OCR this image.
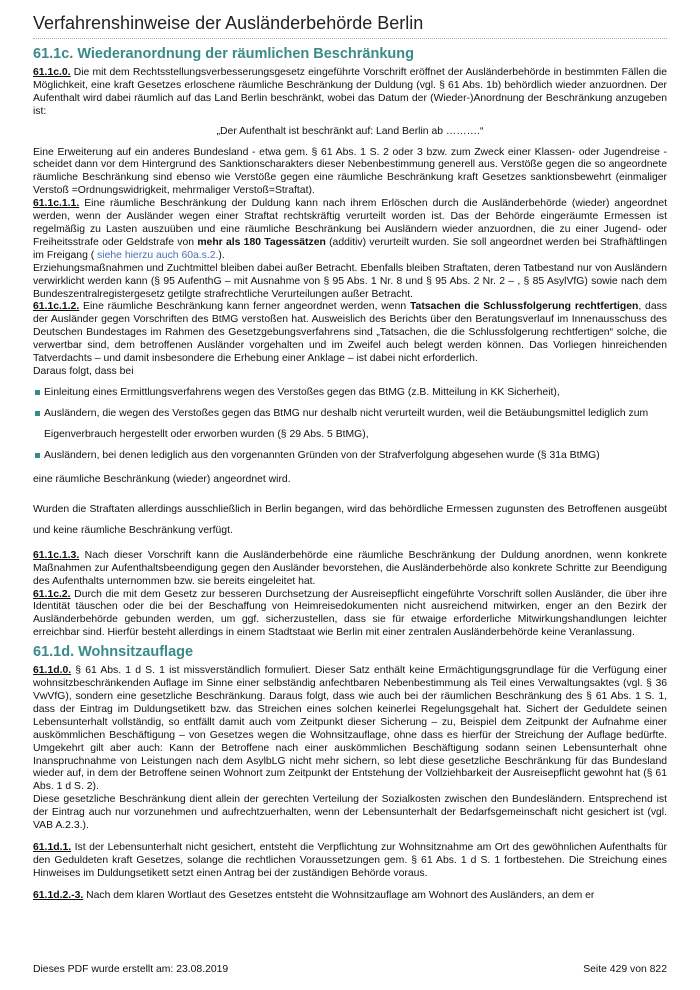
Verfahrenshinweise der Ausländerbehörde Berlin
61.1c. Wiederanordnung der räumlichen Beschränkung

61.1c.0. Die mit dem Rechtsstellungsverbesserungsgesetz eingeführte Vorschrift eröffnet der Ausländerbehörde in bestimmten Fällen die Möglichkeit, eine kraft Gesetzes erloschene räumliche Beschränkung der Duldung (vgl. § 61 Abs. 1b) behördlich wieder anzuordnen. Der Aufenthalt wird dabei räumlich auf das Land Berlin beschränkt, wobei das Datum der (Wieder-)Anordnung der Beschränkung anzugeben ist:

„Der Aufenthalt ist beschränkt auf: Land Berlin ab ……….“

Eine Erweiterung auf ein anderes Bundesland - etwa gem. § 61 Abs. 1 S. 2 oder 3 bzw. zum Zweck einer Klassen- oder Jugendreise - scheidet dann vor dem Hintergrund des Sanktionscharakters dieser Nebenbestimmung generell aus. Verstöße gegen die so angeordnete räumliche Beschränkung sind ebenso wie Verstöße gegen eine räumliche Beschränkung kraft Gesetzes sanktionsbewehrt (einmaliger Verstoß =Ordnungswidrigkeit, mehrmaliger Verstoß=Straftat).

61.1c.1.1. Eine räumliche Beschränkung der Duldung kann nach ihrem Erlöschen durch die Ausländerbehörde (wieder) angeordnet werden, wenn der Ausländer wegen einer Straftat rechtskräftig verurteilt worden ist. Das der Behörde eingeräumte Ermessen ist regelmäßig zu Lasten auszuüben und eine räumliche Beschränkung bei Ausländern wieder anzuordnen, die zu einer Jugend- oder Freiheitsstrafe oder Geldstrafe von mehr als 180 Tagessätzen (additiv) verurteilt wurden. Sie soll angeordnet werden bei Strafhäftlingen im Freigang ( siehe hierzu auch 60a.s.2.).

Erziehungsmaßnahmen und Zuchtmittel bleiben dabei außer Betracht. Ebenfalls bleiben Straftaten, deren Tatbestand nur von Ausländern verwirklicht werden kann (§ 95 AufenthG – mit Ausnahme von § 95 Abs. 1 Nr. 8 und § 95 Abs. 2 Nr. 2 – , § 85 AsylVfG) sowie nach dem Bundeszentralregistergesetz getilgte strafrechtliche Verurteilungen außer Betracht.

61.1c.1.2. Eine räumliche Beschränkung kann ferner angeordnet werden, wenn Tatsachen die Schlussfolgerung rechtfertigen, dass der Ausländer gegen Vorschriften des BtMG verstoßen hat. Ausweislich des Berichts über den Beratungsverlauf im Innenausschuss des Deutschen Bundestages im Rahmen des Gesetzgebungsverfahrens sind „Tatsachen, die die Schlussfolgerung rechtfertigen“ solche, die verwertbar sind, dem betroffenen Ausländer vorgehalten und im Zweifel auch belegt werden können. Das Vorliegen hinreichenden Tatverdachts – und damit insbesondere die Erhebung einer Anklage – ist dabei nicht erforderlich.

Daraus folgt, dass bei

Einleitung eines Ermittlungsverfahrens wegen des Verstoßes gegen das BtMG (z.B. Mitteilung in KK Sicherheit),
Ausländern, die wegen des Verstoßes gegen das BtMG nur deshalb nicht verurteilt wurden, weil die Betäubungsmittel lediglich zum Eigenverbrauch hergestellt oder erworben wurden (§ 29 Abs. 5 BtMG),
Ausländern, bei denen lediglich aus den vorgenannten Gründen von der Strafverfolgung abgesehen wurde (§ 31a BtMG)

eine räumliche Beschränkung (wieder) angeordnet wird.

Wurden die Straftaten allerdings ausschließlich in Berlin begangen, wird das behördliche Ermessen zugunsten des Betroffenen ausgeübt und keine räumliche Beschränkung verfügt.

61.1c.1.3. Nach dieser Vorschrift kann die Ausländerbehörde eine räumliche Beschränkung der Duldung anordnen, wenn konkrete Maßnahmen zur Aufenthaltsbeendigung gegen den Ausländer bevorstehen, die Ausländerbehörde also konkrete Schritte zur Beendigung des Aufenthalts unternommen bzw. sie bereits eingeleitet hat.

61.1c.2. Durch die mit dem Gesetz zur besseren Durchsetzung der Ausreisepflicht eingeführte Vorschrift sollen Ausländer, die über ihre Identität täuschen oder die bei der Beschaffung von Heimreisedokumenten nicht ausreichend mitwirken, enger an den Bezirk der Ausländerbehörde gebunden werden, um ggf. sicherzustellen, dass sie für etwaige erforderliche Mitwirkungshandlungen leichter erreichbar sind. Hierfür besteht allerdings in einem Stadtstaat wie Berlin mit einer zentralen Ausländerbehörde keine Veranlassung.

61.1d. Wohnsitzauflage

61.1d.0. § 61 Abs. 1 d S. 1 ist missverständlich formuliert. Dieser Satz enthält keine Ermächtigungsgrundlage für die Verfügung einer wohnsitzbeschränkenden Auflage im Sinne einer selbständig anfechtbaren Nebenbestimmung als Teil eines Verwaltungsaktes (vgl. § 36 VwVfG), sondern eine gesetzliche Beschränkung. Daraus folgt, dass wie auch bei der räumlichen Beschränkung des § 61 Abs. 1 S. 1, dass der Eintrag im Duldungsetikett bzw. das Streichen eines solchen keinerlei Regelungsgehalt hat. Sichert der Geduldete seinen Lebensunterhalt vollständig, so entfällt damit auch vom Zeitpunkt dieser Sicherung – zu, Beispiel dem Zeitpunkt der Aufnahme einer auskömmlichen Beschäftigung – von Gesetzes wegen die Wohnsitzauflage, ohne dass es hierfür der Streichung der Auflage bedürfte. Umgekehrt gilt aber auch: Kann der Betroffene nach einer auskömmlichen Beschäftigung sodann seinen Lebensunterhalt ohne Inanspruchnahme von Leistungen nach dem AsylbLG nicht mehr sichern, so lebt diese gesetzliche Beschränkung für das Bundesland wieder auf, in dem der Betroffene seinen Wohnort zum Zeitpunkt der Entstehung der Vollziehbarkeit der Ausreisepflicht gewohnt hat (§ 61 Abs. 1 d S. 2).

Diese gesetzliche Beschränkung dient allein der gerechten Verteilung der Sozialkosten zwischen den Bundesländern. Entsprechend ist der Eintrag auch nur vorzunehmen und aufrechtzuerhalten, wenn der Lebensunterhalt der Bedarfsgemeinschaft nicht gesichert ist (vgl. VAB A.2.3.).

61.1d.1. Ist der Lebensunterhalt nicht gesichert, entsteht die Verpflichtung zur Wohnsitznahme am Ort des gewöhnlichen Aufenthalts für den Geduldeten kraft Gesetzes, solange die rechtlichen Voraussetzungen gem. § 61 Abs. 1 d S. 1 fortbestehen. Die Streichung eines Hinweises im Duldungsetikett setzt einen Antrag bei der zuständigen Behörde voraus.

61.1d.2.-3. Nach dem klaren Wortlaut des Gesetzes entsteht die Wohnsitzauflage am Wohnort des Ausländers, an dem er

Dieses PDF wurde erstellt am: 23.08.2019	Seite 429 von 822
